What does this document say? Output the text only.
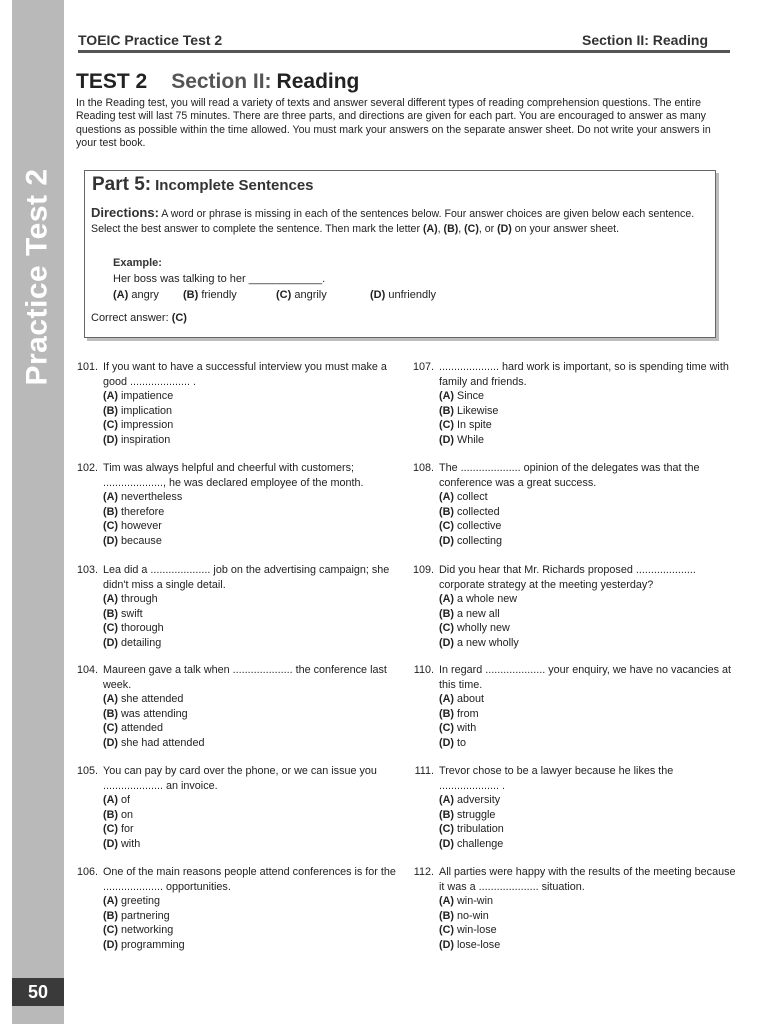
Practice Test 2
50
TOEIC Practice Test 2	Section II: Reading
TEST 2 Section II: Reading
In the Reading test, you will read a variety of texts and answer several different types of reading comprehension questions. The entire Reading test will last 75 minutes. There are three parts, and directions are given for each part. You are encouraged to answer as many questions as possible within the time allowed. You must mark your answers on the separate answer sheet. Do not write your answers in your test book.
Part 5: Incomplete Sentences
Directions: A word or phrase is missing in each of the sentences below. Four answer choices are given below each sentence. Select the best answer to complete the sentence. Then mark the letter (A), (B), (C), or (D) on your answer sheet.
Example:
Her boss was talking to her ____________.
(A) angry (B) friendly	(C) angrily	(D) unfriendly
Correct answer: (C)
101. If you want to have a successful interview you must make a good .................... .
(A) impatience
(B) implication
(C) impression
(D) inspiration
102. Tim was always helpful and cheerful with customers; ...................., he was declared employee of the month.
(A) nevertheless
(B) therefore
(C) however
(D) because
103. Lea did a .................... job on the advertising campaign; she didn't miss a single detail.
(A) through
(B) swift
(C) thorough
(D) detailing
104. Maureen gave a talk when .................... the conference last week.
(A) she attended
(B) was attending
(C) attended
(D) she had attended
105. You can pay by card over the phone, or we can issue you .................... an invoice.
(A) of
(B) on
(C) for
(D) with
106. One of the main reasons people attend conferences is for the .................... opportunities.
(A) greeting
(B) partnering
(C) networking
(D) programming
107. .................... hard work is important, so is spending time with family and friends.
(A) Since
(B) Likewise
(C) In spite
(D) While
108. The .................... opinion of the delegates was that the conference was a great success.
(A) collect
(B) collected
(C) collective
(D) collecting
109. Did you hear that Mr. Richards proposed .................... corporate strategy at the meeting yesterday?
(A) a whole new
(B) a new all
(C) wholly new
(D) a new wholly
110. In regard .................... your enquiry, we have no vacancies at this time.
(A) about
(B) from
(C) with
(D) to
111. Trevor chose to be a lawyer because he likes the .................... .
(A) adversity
(B) struggle
(C) tribulation
(D) challenge
112. All parties were happy with the results of the meeting because it was a .................... situation.
(A) win-win
(B) no-win
(C) win-lose
(D) lose-lose
